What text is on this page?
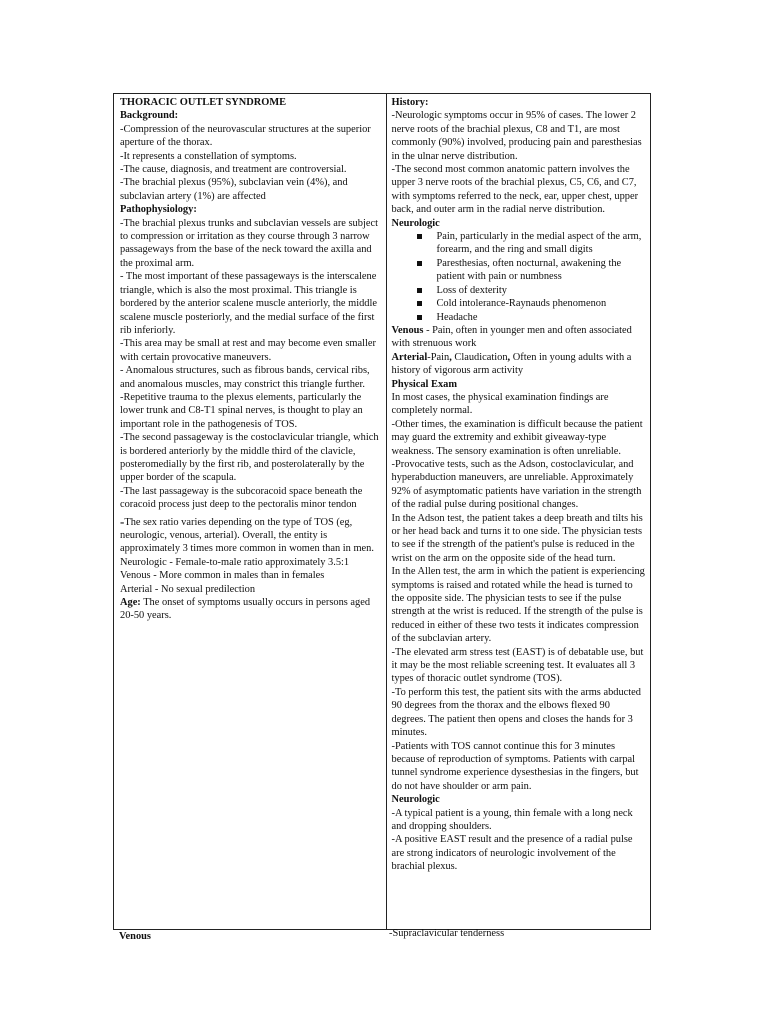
THORACIC OUTLET SYNDROME

Background:

-Compression of the neurovascular structures at the superior aperture of the thorax.

-It represents a constellation of symptoms.

-The cause, diagnosis, and treatment are controversial.

-The brachial plexus (95%), subclavian vein (4%), and subclavian artery (1%) are affected

Pathophysiology:

-The brachial plexus trunks and subclavian vessels are subject to compression or irritation as they course through 3 narrow passageways from the base of the neck toward the axilla and the proximal arm.

- The most important of these passageways is the interscalene triangle, which is also the most proximal. This triangle is bordered by the anterior scalene muscle anteriorly, the middle scalene muscle posteriorly, and the medial surface of the first rib inferiorly.

-This area may be small at rest and may become even smaller with certain provocative maneuvers.

- Anomalous structures, such as fibrous bands, cervical ribs, and anomalous muscles, may constrict this triangle further.

-Repetitive trauma to the plexus elements, particularly the lower trunk and C8-T1 spinal nerves, is thought to play an important role in the pathogenesis of TOS.

-The second passageway is the costoclavicular triangle, which is bordered anteriorly by the middle third of the clavicle, posteromedially by the first rib, and posterolaterally by the upper border of the scapula.

-The last passageway is the subcoracoid space beneath the coracoid process just deep to the pectoralis minor tendon

-The sex ratio varies depending on the type of TOS (eg, neurologic, venous, arterial). Overall, the entity is approximately 3 times more common in women than in men.

Neurologic - Female-to-male ratio approximately 3.5:1

Venous - More common in males than in females

Arterial - No sexual predilection

Age: The onset of symptoms usually occurs in persons aged 20-50 years.

History:

-Neurologic symptoms occur in 95% of cases. The lower 2 nerve roots of the brachial plexus, C8 and T1, are most commonly (90%) involved, producing pain and paresthesias in the ulnar nerve distribution.

-The second most common anatomic pattern involves the upper 3 nerve roots of the brachial plexus, C5, C6, and C7, with symptoms referred to the neck, ear, upper chest, upper back, and outer arm in the radial nerve distribution.

Neurologic

Pain, particularly in the medial aspect of the arm, forearm, and the ring and small digits
Paresthesias, often nocturnal, awakening the patient with pain or numbness
Loss of dexterity
Cold intolerance-Raynauds phenomenon
Headache

Venous - Pain, often in younger men and often associated with strenuous work

Arterial-Pain, Claudication, Often in young adults with a history of vigorous arm activity

Physical Exam

In most cases, the physical examination findings are completely normal.

-Other times, the examination is difficult because the patient may guard the extremity and exhibit giveaway-type weakness. The sensory examination is often unreliable.

-Provocative tests, such as the Adson, costoclavicular, and hyperabduction maneuvers, are unreliable. Approximately 92% of asymptomatic patients have variation in the strength of the radial pulse during positional changes.

In the Adson test, the patient takes a deep breath and tilts his or her head back and turns it to one side. The physician tests to see if the strength of the patient's pulse is reduced in the wrist on the arm on the opposite side of the head turn.

In the Allen test, the arm in which the patient is experiencing symptoms is raised and rotated while the head is turned to the opposite side. The physician tests to see if the pulse strength at the wrist is reduced. If the strength of the pulse is reduced in either of these two tests it indicates compression of the subclavian artery.

-The elevated arm stress test (EAST) is of debatable use, but it may be the most reliable screening test. It evaluates all 3 types of thoracic outlet syndrome (TOS).

-To perform this test, the patient sits with the arms abducted 90 degrees from the thorax and the elbows flexed 90 degrees. The patient then opens and closes the hands for 3 minutes.

-Patients with TOS cannot continue this for 3 minutes because of reproduction of symptoms. Patients with carpal tunnel syndrome experience dysesthesias in the fingers, but do not have shoulder or arm pain.

Neurologic

-A typical patient is a young, thin female with a long neck and dropping shoulders.

-A positive EAST result and the presence of a radial pulse are strong indicators of neurologic involvement of the brachial plexus.

Venous	-Supraclavicular tenderness
